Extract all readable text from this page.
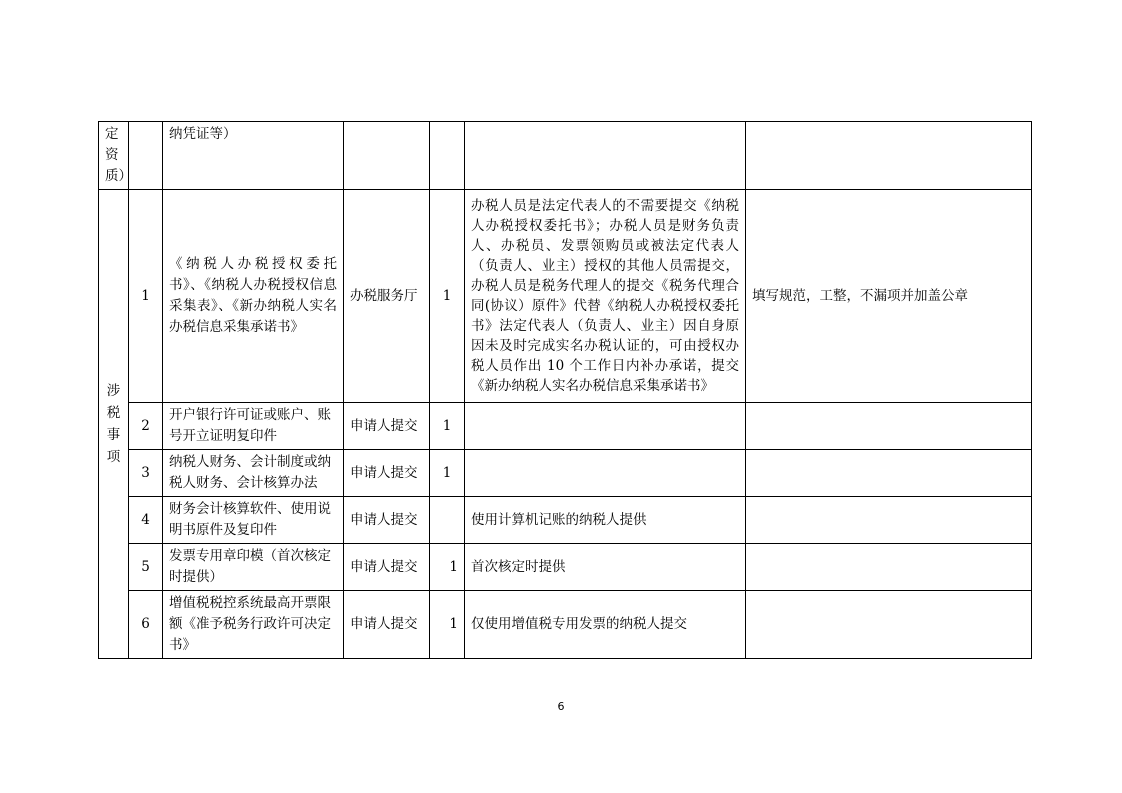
定资质）		纳凭证等）				

涉税事项	1	《纳税人办税授权委托书》、《纳税人办税授权信息采集表》、《新办纳税人实名办税信息采集承诺书》	办税服务厅	1	办税人员是法定代表人的不需要提交《纳税人办税授权委托书》；办税人员是财务负责人、办税员、发票领购员或被法定代表人（负责人、业主）授权的其他人员需提交，办税人员是税务代理人的提交《税务代理合同(协议）原件》代替《纳税人办税授权委托书》法定代表人（负责人、业主）因自身原因未及时完成实名办税认证的，可由授权办税人员作出 10 个工作日内补办承诺，提交《新办纳税人实名办税信息采集承诺书》	填写规范，工整，不漏项并加盖公章
	2	开户银行许可证或账户、账号开立证明复印件	申请人提交	1		
	3	纳税人财务、会计制度或纳税人财务、会计核算办法	申请人提交	1		
	4	财务会计核算软件、使用说明书原件及复印件	申请人提交		使用计算机记账的纳税人提供	
	5	发票专用章印模（首次核定时提供）	申请人提交	1	首次核定时提供	
	6	增值税税控系统最高开票限额《准予税务行政许可决定书》	申请人提交	1	仅使用增值税专用发票的纳税人提交	
6
